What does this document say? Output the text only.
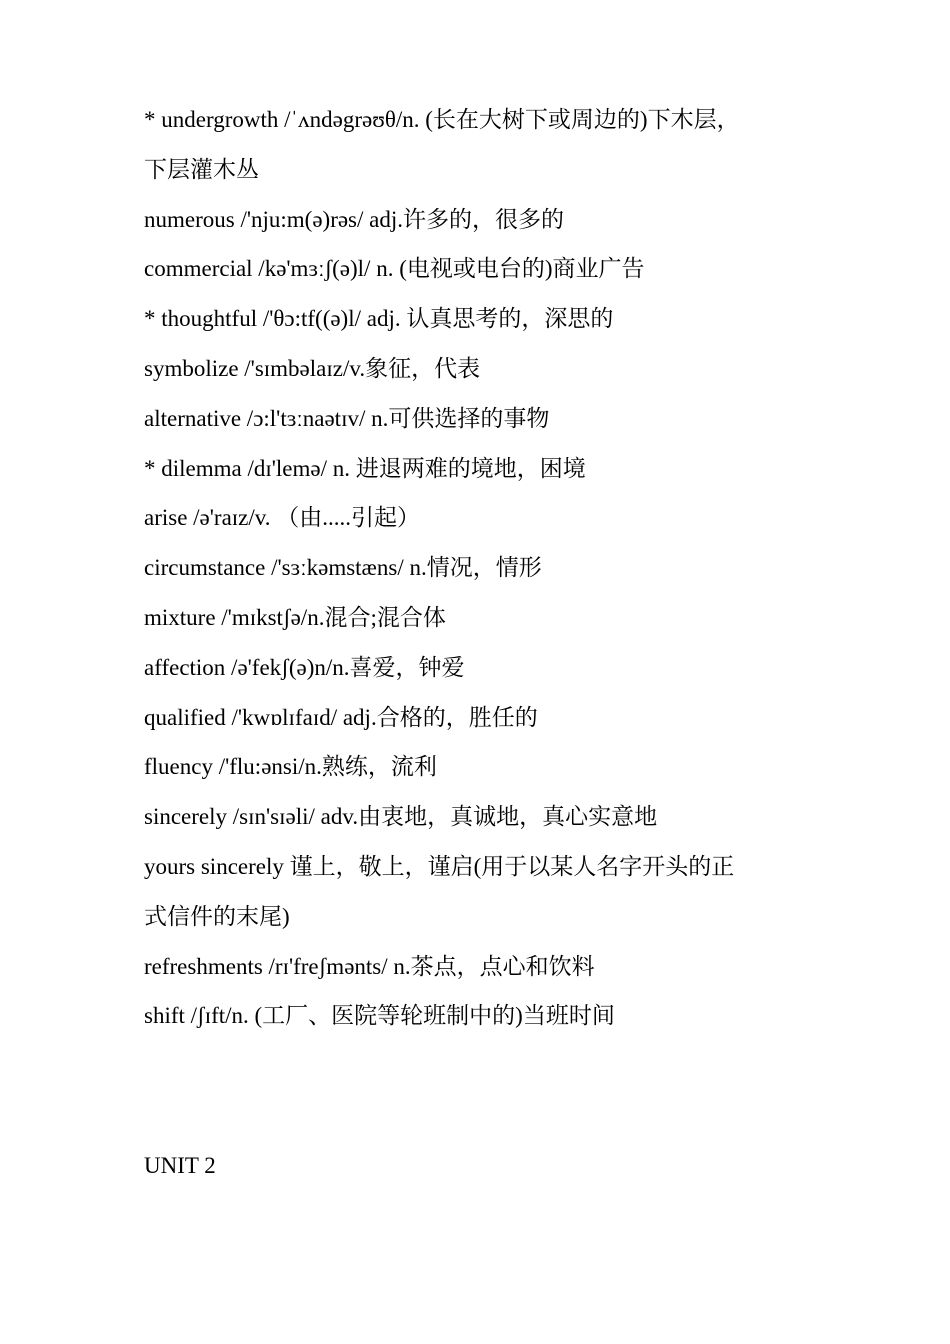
* undergrowth /ˈʌndəgrəʊθ/n. (长在大树下或周边的)下木层，
下层灌木丛
numerous /'nju:m(ə)rəs/ adj.许多的，很多的
commercial /kə'mɜːʃ(ə)l/ n. (电视或电台的)商业广告
* thoughtful /'θɔ:tf((ə)l/ adj. 认真思考的，深思的
symbolize /'sɪmbəlaɪz/v.象征，代表
alternative /ɔ:l'tɜːnaətɪv/ n.可供选择的事物
* dilemma /dɪ'lemə/ n. 进退两难的境地，困境
arise /ə'raɪz/v. （由.....引起）
circumstance /'sɜːkəmstæns/ n.情况，情形
mixture /'mɪkstʃə/n.混合;混合体
affection /ə'fekʃ(ə)n/n.喜爱，钟爱
qualified /'kwɒlɪfaɪd/ adj.合格的，胜任的
fluency /'flu:ənsi/n.熟练，流利
sincerely /sɪn'sɪəli/ adv.由衷地，真诚地，真心实意地
yours sincerely 谨上，敬上，谨启(用于以某人名字开头的正
式信件的末尾)
refreshments /rɪ'freʃmənts/ n.茶点，点心和饮料
shift /ʃɪft/n. (工厂、医院等轮班制中的)当班时间
UNIT 2
